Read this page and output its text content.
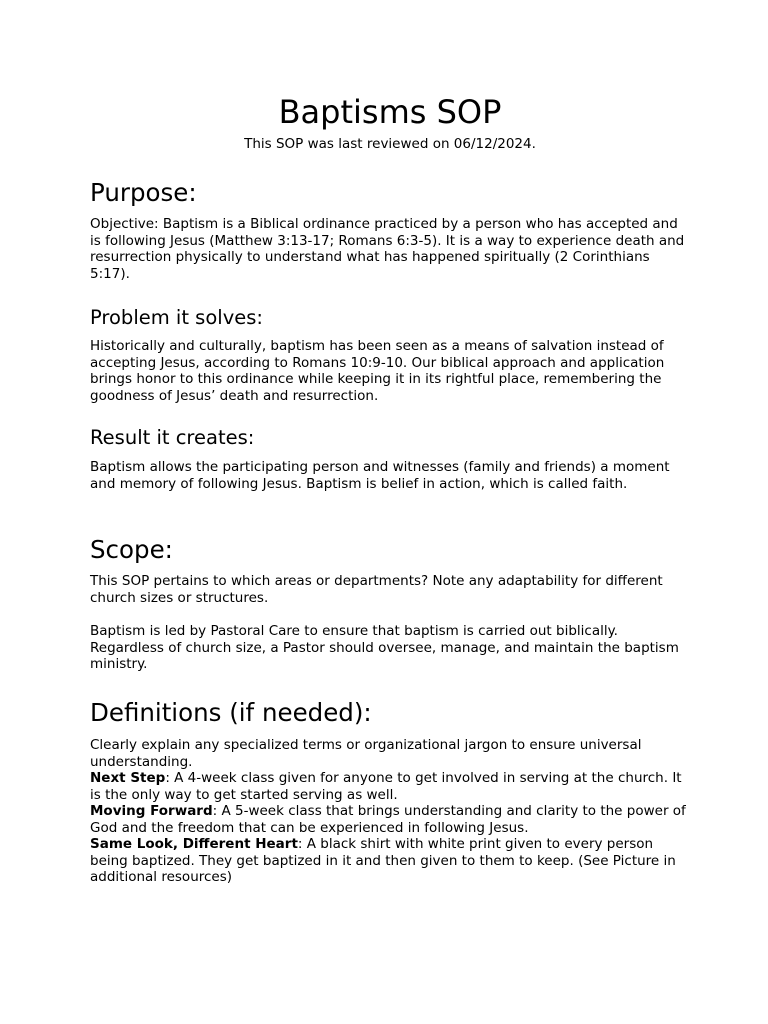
Baptisms SOP

This SOP was last reviewed on 06/12/2024.

Purpose:

Objective: Baptism is a Biblical ordinance practiced by a person who has accepted and is following Jesus (Matthew 3:13-17; Romans 6:3-5). It is a way to experience death and resurrection physically to understand what has happened spiritually (2 Corinthians 5:17).

Problem it solves:

Historically and culturally, baptism has been seen as a means of salvation instead of accepting Jesus, according to Romans 10:9-10. Our biblical approach and application brings honor to this ordinance while keeping it in its rightful place, remembering the goodness of Jesus’ death and resurrection.

Result it creates:

Baptism allows the participating person and witnesses (family and friends) a moment and memory of following Jesus. Baptism is belief in action, which is called faith.

Scope:

This SOP pertains to which areas or departments? Note any adaptability for different church sizes or structures.

Baptism is led by Pastoral Care to ensure that baptism is carried out biblically. Regardless of church size, a Pastor should oversee, manage, and maintain the baptism ministry.

Definitions (if needed):

Clearly explain any specialized terms or organizational jargon to ensure universal understanding.

Next Step: A 4-week class given for anyone to get involved in serving at the church. It is the only way to get started serving as well.

Moving Forward: A 5-week class that brings understanding and clarity to the power of God and the freedom that can be experienced in following Jesus.

Same Look, Different Heart: A black shirt with white print given to every person being baptized. They get baptized in it and then given to them to keep. (See Picture in additional resources)
